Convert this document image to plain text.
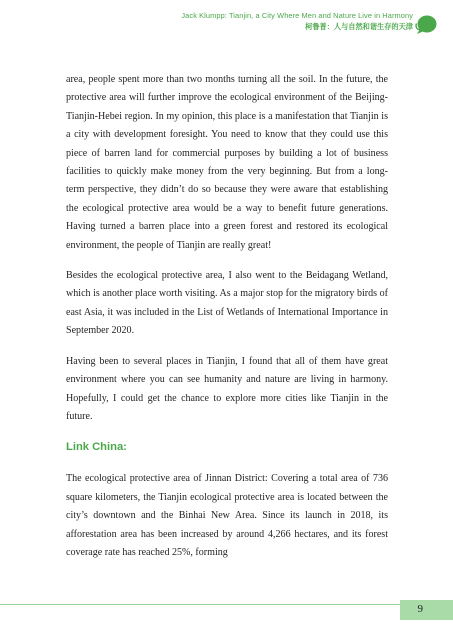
Jack Klumpp: Tianjin, a City Where Men and Nature Live in Harmony
柯鲁普：人与自然和谐生存的天津

area, people spent more than two months turning all the soil. In the future, the protective area will further improve the ecological environment of the Beijing-Tianjin-Hebei region. In my opinion, this place is a manifestation that Tianjin is a city with development foresight. You need to know that they could use this piece of barren land for commercial purposes by building a lot of business facilities to quickly make money from the very beginning. But from a long-term perspective, they didn’t do so because they were aware that establishing the ecological protective area would be a way to benefit future generations. Having turned a barren place into a green forest and restored its ecological environment, the people of Tianjin are really great!

Besides the ecological protective area, I also went to the Beidagang Wetland, which is another place worth visiting. As a major stop for the migratory birds of east Asia, it was included in the List of Wetlands of International Importance in September 2020.

Having been to several places in Tianjin, I found that all of them have great environment where you can see humanity and nature are living in harmony. Hopefully, I could get the chance to explore more cities like Tianjin in the future.

Link China:

The ecological protective area of Jinnan District: Covering a total area of 736 square kilometers, the Tianjin ecological protective area is located between the city’s downtown and the Binhai New Area. Since its launch in 2018, its afforestation area has been increased by around 4,266 hectares, and its forest coverage rate has reached 25%, forming

9
